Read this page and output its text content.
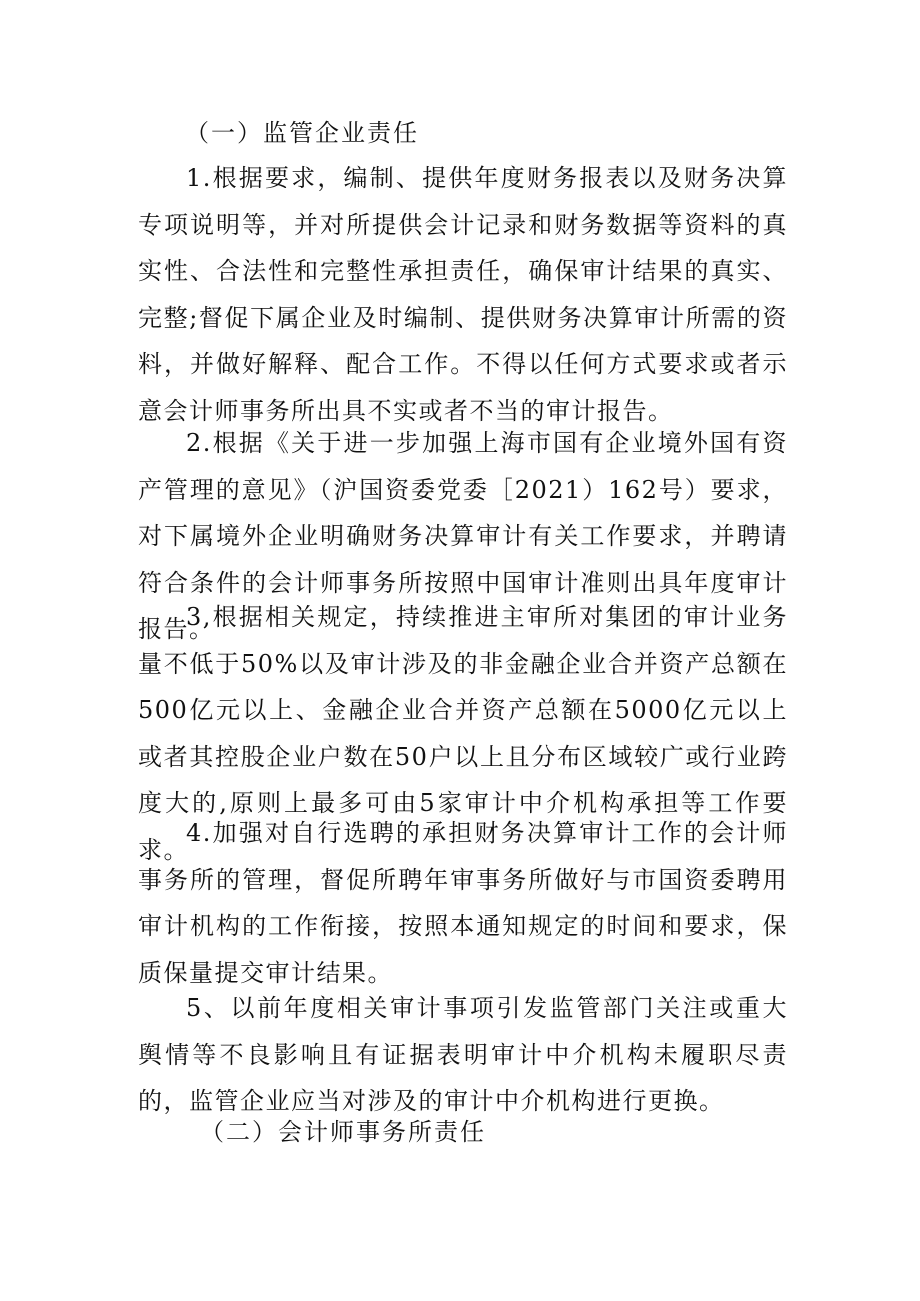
（一）监管企业责任

1.根据要求，编制、提供年度财务报表以及财务决算专项说明等，并对所提供会计记录和财务数据等资料的真实性、合法性和完整性承担责任，确保审计结果的真实、完整;督促下属企业及时编制、提供财务决算审计所需的资料，并做好解释、配合工作。不得以任何方式要求或者示意会计师事务所出具不实或者不当的审计报告。

2.根据《关于进一步加强上海市国有企业境外国有资产管理的意见》（沪国资委党委［2021）162号）要求，对下属境外企业明确财务决算审计有关工作要求，并聘请符合条件的会计师事务所按照中国审计准则出具年度审计报告。

3,根据相关规定，持续推进主审所对集团的审计业务量不低于50%以及审计涉及的非金融企业合并资产总额在500亿元以上、金融企业合并资产总额在5000亿元以上或者其控股企业户数在50户以上且分布区域较广或行业跨度大的,原则上最多可由5家审计中介机构承担等工作要求。

4.加强对自行选聘的承担财务决算审计工作的会计师事务所的管理，督促所聘年审事务所做好与市国资委聘用审计机构的工作衔接，按照本通知规定的时间和要求，保质保量提交审计结果。

5、以前年度相关审计事项引发监管部门关注或重大舆情等不良影响且有证据表明审计中介机构未履职尽责的，监管企业应当对涉及的审计中介机构进行更换。

（二）会计师事务所责任
